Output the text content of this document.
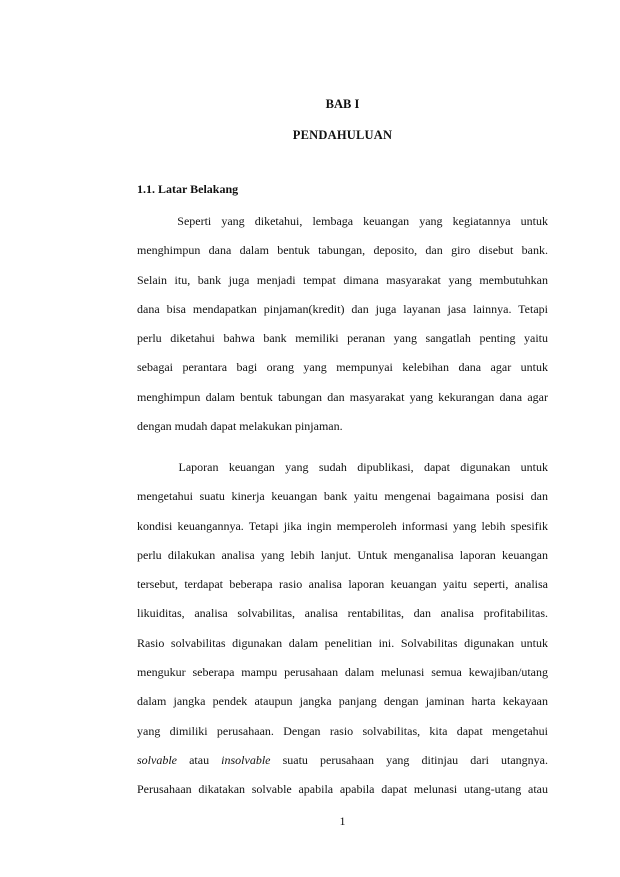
BAB I

PENDAHULUAN

1.1. Latar Belakang

Seperti yang diketahui, lembaga keuangan yang kegiatannya untuk
menghimpun dana dalam bentuk tabungan, deposito, dan giro disebut bank.
Selain itu, bank juga menjadi tempat dimana masyarakat yang membutuhkan
dana bisa mendapatkan pinjaman(kredit) dan juga layanan jasa lainnya. Tetapi
perlu diketahui bahwa bank memiliki peranan yang sangatlah penting yaitu
sebagai perantara bagi orang yang mempunyai kelebihan dana agar untuk
menghimpun dalam bentuk tabungan dan masyarakat yang kekurangan dana agar
dengan mudah dapat melakukan pinjaman.
Laporan keuangan yang sudah dipublikasi, dapat digunakan untuk
mengetahui suatu kinerja keuangan bank yaitu mengenai bagaimana posisi dan
kondisi keuangannya. Tetapi jika ingin memperoleh informasi yang lebih spesifik
perlu dilakukan analisa yang lebih lanjut. Untuk menganalisa laporan keuangan
tersebut, terdapat beberapa rasio analisa laporan keuangan yaitu seperti, analisa
likuiditas, analisa solvabilitas, analisa rentabilitas, dan analisa profitabilitas.
Rasio solvabilitas digunakan dalam penelitian ini. Solvabilitas digunakan untuk
mengukur seberapa mampu perusahaan dalam melunasi semua kewajiban/utang
dalam jangka pendek ataupun jangka panjang dengan jaminan harta kekayaan
yang dimiliki perusahaan. Dengan rasio solvabilitas, kita dapat mengetahui
solvable atau insolvable suatu perusahaan yang ditinjau dari utangnya.
Perusahaan dikatakan solvable apabila apabila dapat melunasi utang-utang atau

1
